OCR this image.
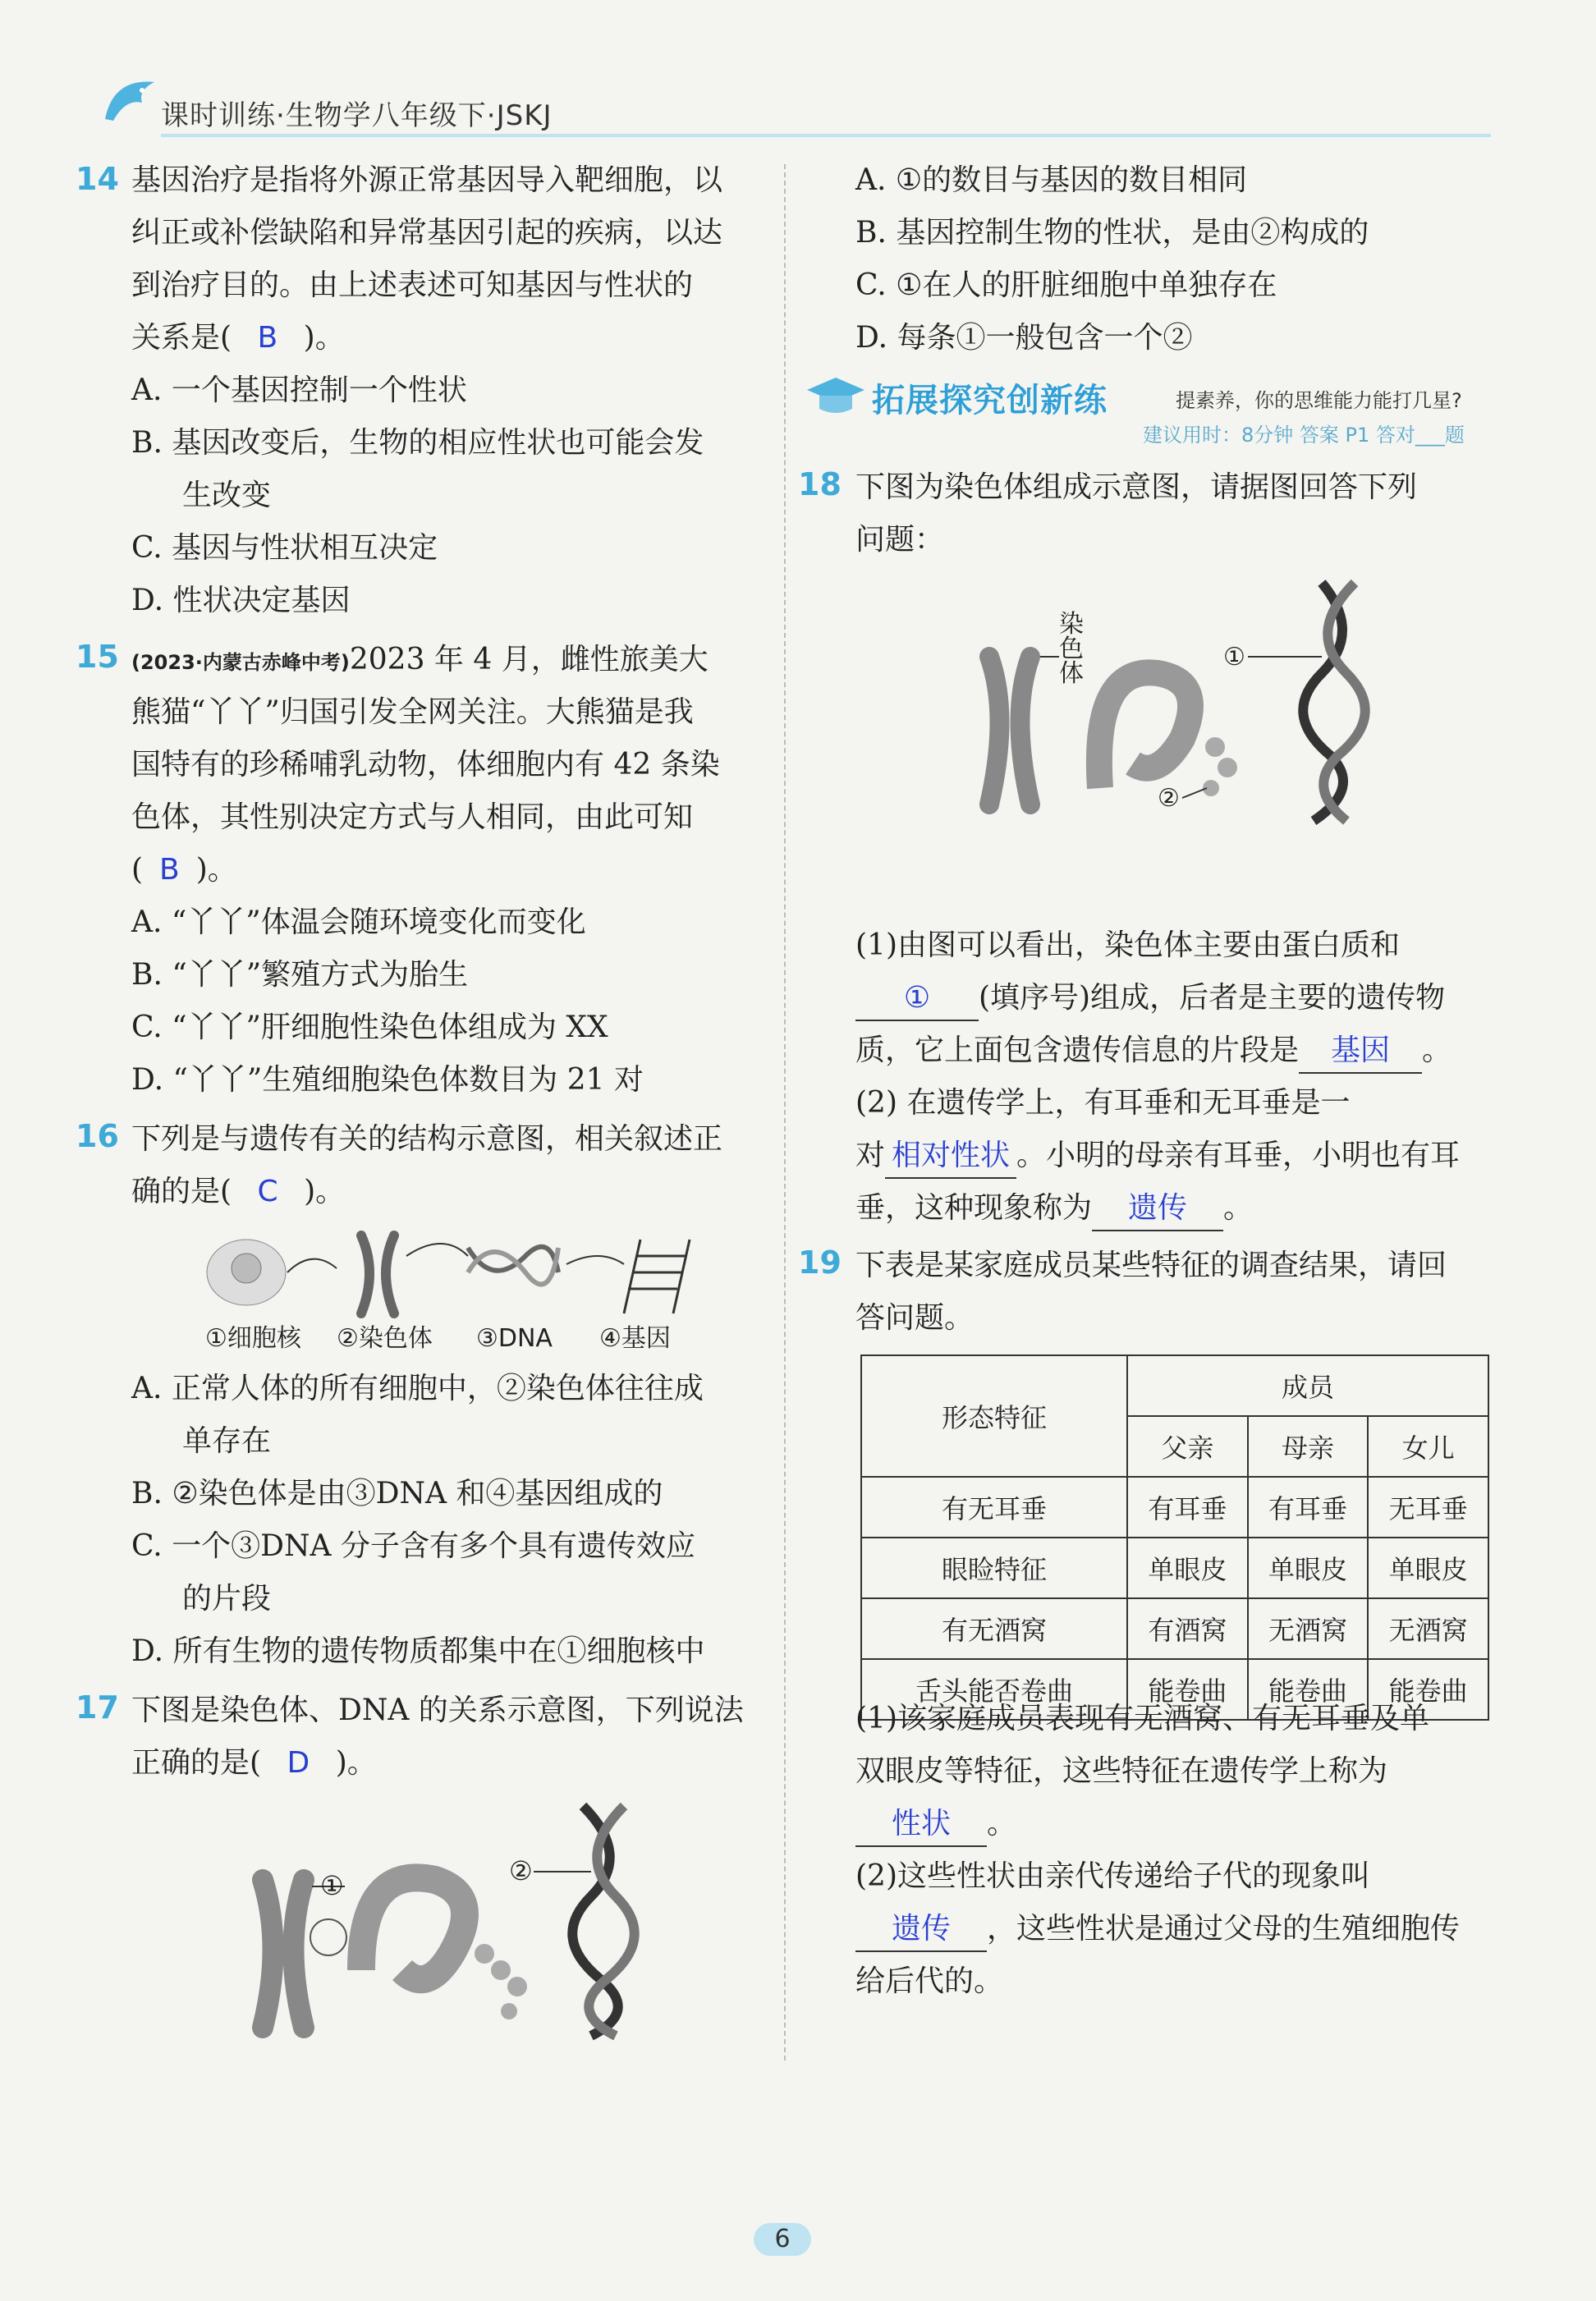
课时训练·生物学八年级下·JSKJ
14 基因治疗是指将外源正常基因导入靶细胞，以
纠正或补偿缺陷和异常基因引起的疾病，以达
到治疗目的。由上述表述可知基因与性状的
关系是( B )。
A. 一个基因控制一个性状
B. 基因改变后，生物的相应性状也可能会发
生改变
C. 基因与性状相互决定
D. 性状决定基因
15 (2023·内蒙古赤峰中考)2023 年 4 月，雌性旅美大
熊猫“丫丫”归国引发全网关注。大熊猫是我
国特有的珍稀哺乳动物，体细胞内有 42 条染
色体，其性别决定方式与人相同，由此可知
( B )。
A. “丫丫”体温会随环境变化而变化
B. “丫丫”繁殖方式为胎生
C. “丫丫”肝细胞性染色体组成为 XX
D. “丫丫”生殖细胞染色体数目为 21 对
16 下列是与遗传有关的结构示意图，相关叙述正
确的是( C )。
①细胞核 ②染色体 ③DNA ④基因
A. 正常人体的所有细胞中，②染色体往往成
单存在
B. ②染色体是由③DNA 和④基因组成的
C. 一个③DNA 分子含有多个具有遗传效应
的片段
D. 所有生物的遗传物质都集中在①细胞核中
17 下图是染色体、DNA 的关系示意图，下列说法
正确的是( D )。
①	②
A. ①的数目与基因的数目相同
B. 基因控制生物的性状，是由②构成的
C. ①在人的肝脏细胞中单独存在
D. 每条①一般包含一个②
拓展探究创新练	提素养，你的思维能力能打几星?
建议用时：8分钟 答案 P1 答对___题
18 下图为染色体组成示意图，请据图回答下列
问题：
染
色
体
①
②
(1)由图可以看出，染色体主要由蛋白质和
① (填序号)组成，后者是主要的遗传物
质，它上面包含遗传信息的片段是 基因 。
(2) 在遗传学上，有耳垂和无耳垂是一
对 相对性状 。小明的母亲有耳垂，小明也有耳
垂，这种现象称为 遗传 。
19 下表是某家庭成员某些特征的调查结果，请回
答问题。
形态特征	成员		
	父亲	母亲	女儿
有无耳垂	有耳垂	有耳垂	无耳垂
眼睑特征	单眼皮	单眼皮	单眼皮
有无酒窝	有酒窝	无酒窝	无酒窝
舌头能否卷曲	能卷曲	能卷曲	能卷曲
(1)该家庭成员表现有无酒窝、有无耳垂及单
双眼皮等特征，这些特征在遗传学上称为
性状 。
(2)这些性状由亲代传递给子代的现象叫
遗传 ，这些性状是通过父母的生殖细胞传
给后代的。
6
